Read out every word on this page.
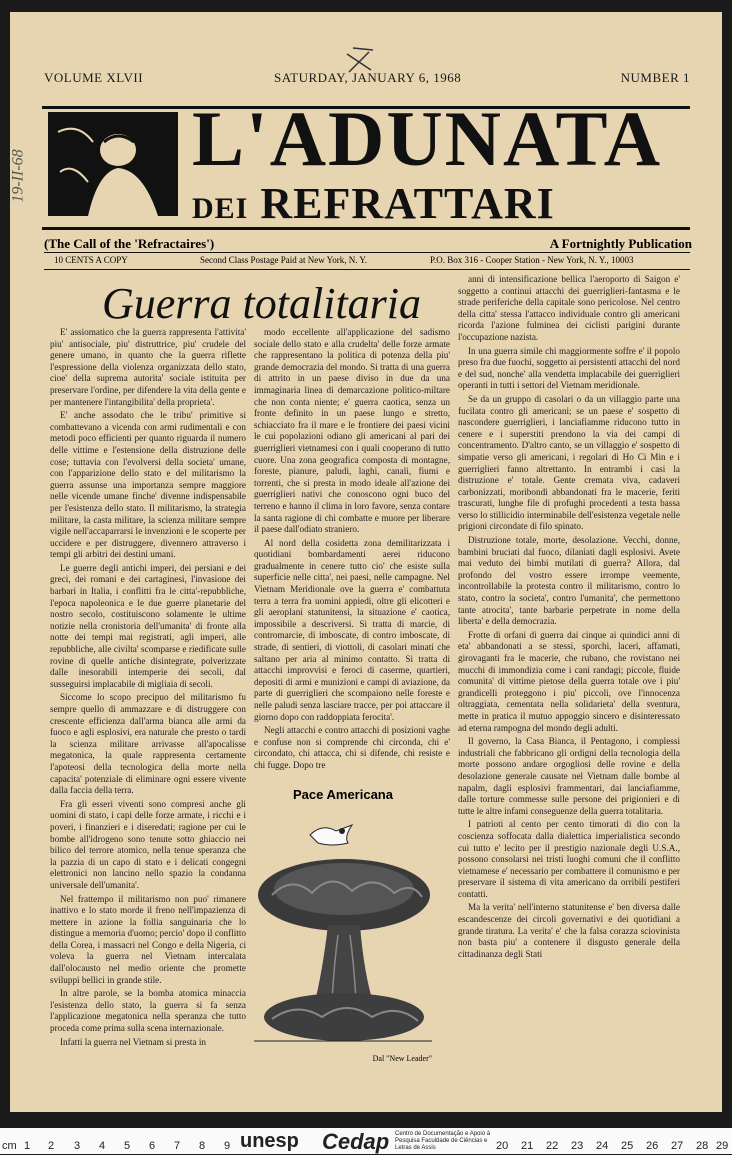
19-II-68
VOLUME XLVII	SATURDAY, JANUARY 6, 1968	NUMBER 1
L'ADUNATA
DEI REFRATTARI
(The Call of the 'Refractaires')	A Fortnightly Publication
10 CENTS A COPY	Second Class Postage Paid at New York, N. Y.	P.O. Box 316 - Cooper Station - New York, N. Y., 10003
Guerra totalitaria

E' assiomatico che la guerra rappresenta l'attivita' piu' antisociale, piu' distruttrice, piu' crudele del genere umano, in quanto che la guerra riflette l'espressione della violenza organizzata dello stato, cioe' della suprema autorita' sociale istituita per preservare l'ordine, per difendere la vita della gente e per mantenere l'intangibilita' della proprieta'.

E' anche assodato che le tribu' primitive si combattevano a vicenda con armi rudimentali e con metodi poco efficienti per quanto riguarda il numero delle vittime e l'estensione della distruzione delle cose; tuttavia con l'evolversi della societa' umane, con l'apparizione dello stato e del militarismo la guerra assunse una importanza sempre maggiore nelle vicende umane finche' divenne indispensabile per l'esistenza dello stato. Il militarismo, la strategia militare, la casta militare, la scienza militare sempre vigile nell'accaparrarsi le invenzioni e le scoperte per uccidere e per distruggere, divennero attraverso i tempi gli arbitri dei destini umani.

Le guerre degli antichi imperi, dei persiani e dei greci, dei romani e dei cartaginesi, l'invasione dei barbari in Italia, i conflitti fra le citta'-repubbliche, l'epoca napoleonica e le due guerre planetarie del nostro secolo, costituiscono solamente le ultime notizie nella cronistoria dell'umanita' di fronte alla notte dei tempi mai registrati, agli imperi, alle repubbliche, alle civilta' scomparse e riedificate sulle rovine di quelle antiche disintegrate, polverizzate dalle inesorabili intemperie dei secoli, dal susseguirsi implacabile di migliaia di secoli.

Siccome lo scopo precipuo del militarismo fu sempre quello di ammazzare e di distruggere con crescente efficienza dall'arma bianca alle armi da fuoco e agli esplosivi, era naturale che presto o tardi la scienza militare arrivasse all'apocalisse megatonica, la quale rappresenta certamente l'apoteosi della tecnologica della morte nella capacita' potenziale di eliminare ogni essere vivente dalla faccia della terra.

Fra gli esseri viventi sono compresi anche gli uomini di stato, i capi delle forze armate, i ricchi e i poveri, i finanzieri e i diseredati; ragione per cui le bombe all'idrogeno sono tenute sotto ghiaccio nei bilico del terrore atomico, nella tenue speranza che la pazzia di un capo di stato e i delicati congegni elettronici non lancino nello spazio la condanna universale dell'umanita'.

Nel frattempo il militarismo non puo' rimanere inattivo e lo stato morde il freno nell'impazienza di mettere in azione la follia sanguinaria che lo distingue a memoria d'uomo; percio' dopo il conflitto della Corea, i massacri nel Congo e della Nigeria, ci voleva la guerra nel Vietnam intercalata dall'olocausto nel medio oriente che promette sviluppi bellici in grande stile.

In altre parole, se la bomba atomica minaccia l'esistenza dello stato, la guerra si fa senza l'applicazione megatonica nella speranza che tutto proceda come prima sulla scena internazionale.

Infatti la guerra nel Vietnam si presta in

modo eccellente all'applicazione del sadismo sociale dello stato e alla crudelta' delle forze armate che rappresentano la politica di potenza della piu' grande democrazia del mondo. Si tratta di una guerra di attrito in un paese diviso in due da una immaginaria linea di demarcazione politico-miltare che non conta niente; e' guerra caotica, senza un fronte definito in un paese lungo e stretto, schiacciato fra il mare e le frontiere dei paesi vicini le cui popolazioni odiano gli americani al pari dei guerriglieri vietnamesi con i quali cooperano di tutto cuore. Una zona geografica composta di montagne, foreste, pianure, paludi, laghi, canali, fiumi e torrenti, che si presta in modo ideale all'azione dei guerriglieri nativi che conoscono ogni buco del terreno e hanno il clima in loro favore, senza contare la santa ragione di chi combatte e muore per liberare il paese dall'odiato straniero.

Al nord della cosidetta zona demilitarizzata i quotidiani bombardamenti aerei riducono gradualmente in cenere tutto cio' che esiste sulla superficie nelle citta', nei paesi, nelle campagne. Nel Vietnam Meridionale ove la guerra e' combattuta terra a terra fra uomini appiedi, oltre gli elicotteri e gli aeroplani statunitensi, la situazione e' caotica, impossibile a descriversi. Si tratta di marcie, di contromarcie, di imboscate, di contro imboscate, di strade, di sentieri, di viottoli, di casolari minati che saltano per aria al minimo contatto. Si tratta di attacchi improvvisi e feroci di caserme, quartieri, depositi di armi e munizioni e campi di aviazione, da parte di guerriglieri che scompaiono nelle foreste e nelle paludi senza lasciare tracce, per poi attaccare il giorno dopo con raddoppiata ferocita'.

Negli attacchi e contro attacchi di posizioni vaghe e confuse non si comprende chi circonda, chi e' circondato, chi attacca, chi si difende, chi resiste e chi fugge. Dopo tre

anni di intensificazione bellica l'aeroporto di Saigon e' soggetto a continui attacchi dei guerriglieri-fantasma e le strade periferiche della capitale sono pericolose. Nel centro della citta' stessa l'attacco individuale contro gli americani ricorda l'azione fulminea dei ciclisti parigini durante l'occupazione nazista.

In una guerra simile chi maggiormente soffre e' il popolo preso fra due fuochi, soggetto ai persistenti attacchi del nord e del sud, nonche' alla vendetta implacabile dei guerriglieri operanti in tutti i settori del Vietnam meridionale.

Se da un gruppo di casolari o da un villaggio parte una fucilata contro gli americani; se un paese e' sospetto di nascondere guerriglieri, i lanciafiamme riducono tutto in cenere e i superstiti prendono la via dei campi di concentramento. D'altro canto, se un villaggio e' sospetto di simpatie verso gli americani, i regolari di Ho Ci Min e i guerriglieri fanno altrettanto. In entrambi i casi la distruzione e' totale. Gente cremata viva, cadaveri carbonizzati, moribondi abbandonati fra le macerie, feriti trascurati, lunghe file di profughi procedenti a testa bassa verso lo stillicidio interminabile dell'esistenza vegetale nelle prigioni circondate di filo spinato.

Distruzione totale, morte, desolazione. Vecchi, donne, bambini bruciati dal fuoco, dilaniati dagli esplosivi. Avete mai veduto dei bimbi mutilati di guerra? Allora, dal profondo del vostro essere irrompe veemente, incontrollabile la protesta contro il militarismo, contro lo stato, contro la societa', contro l'umanita', che permettono tante atrocita', tante barbarie perpetrate in nome della liberta' e della democrazia.

Frotte di orfani di guerra dai cinque ai quindici anni di eta' abbandonati a se stessi, sporchi, laceri, affamati, girovaganti fra le macerie, che rubano, che rovistano nei mucchi di immondizia come i cani randagi; piccole, fluide comunita' di vittime pietose della guerra totale ove i piu' grandicelli proteggono i piu' piccoli, ove l'innocenza oltraggiata, cementata nella solidarieta' della sventura, mette in pratica il mutuo appoggio sincero e disinteressato ad eterna rampogna del mondo degli adulti.

Il governo, la Casa Bianca, il Pentagono, i complessi industriali che fabbricano gli ordigni della tecnologia della morte possono andare orgogliosi delle rovine e della desolazione generale causate nel Vietnam dalle bombe al napalm, dagli esplosivi frammentari, dai lanciafiamme, dalle torture commesse sulle persone dei prigionieri e di tutte le altre infami conseguenze della guerra totalitaria.

I patrioti al cento per cento timorati di dio con la coscienza soffocata dalla dialettica imperialistica secondo cui tutto e' lecito per il prestigio nazionale degli U.S.A., possono consolarsi nei tristi luoghi comuni che il conflitto vietnamese e' necessario per combattere il comunismo e per preservare il sistema di vita americano da orribili pestiferi contatti.

Ma la verita' nell'interno statunitense e' ben diversa dalle escandescenze dei circoli governativi e dei quotidiani a grande tiratura. La verita' e' che la falsa corazza sciovinista non basta piu' a contenere il disgusto generale della cittadinanza degli Stati

Pace Americana
Dal "New Leader"
cm 1 2 3 4 5 6 7 8 9 unesp Cedap Centro de Documentação e Apoio à Pesquisa Faculdade de Ciências e Letras de Assis	20 21 22 23 24 25 26 27 28 29
